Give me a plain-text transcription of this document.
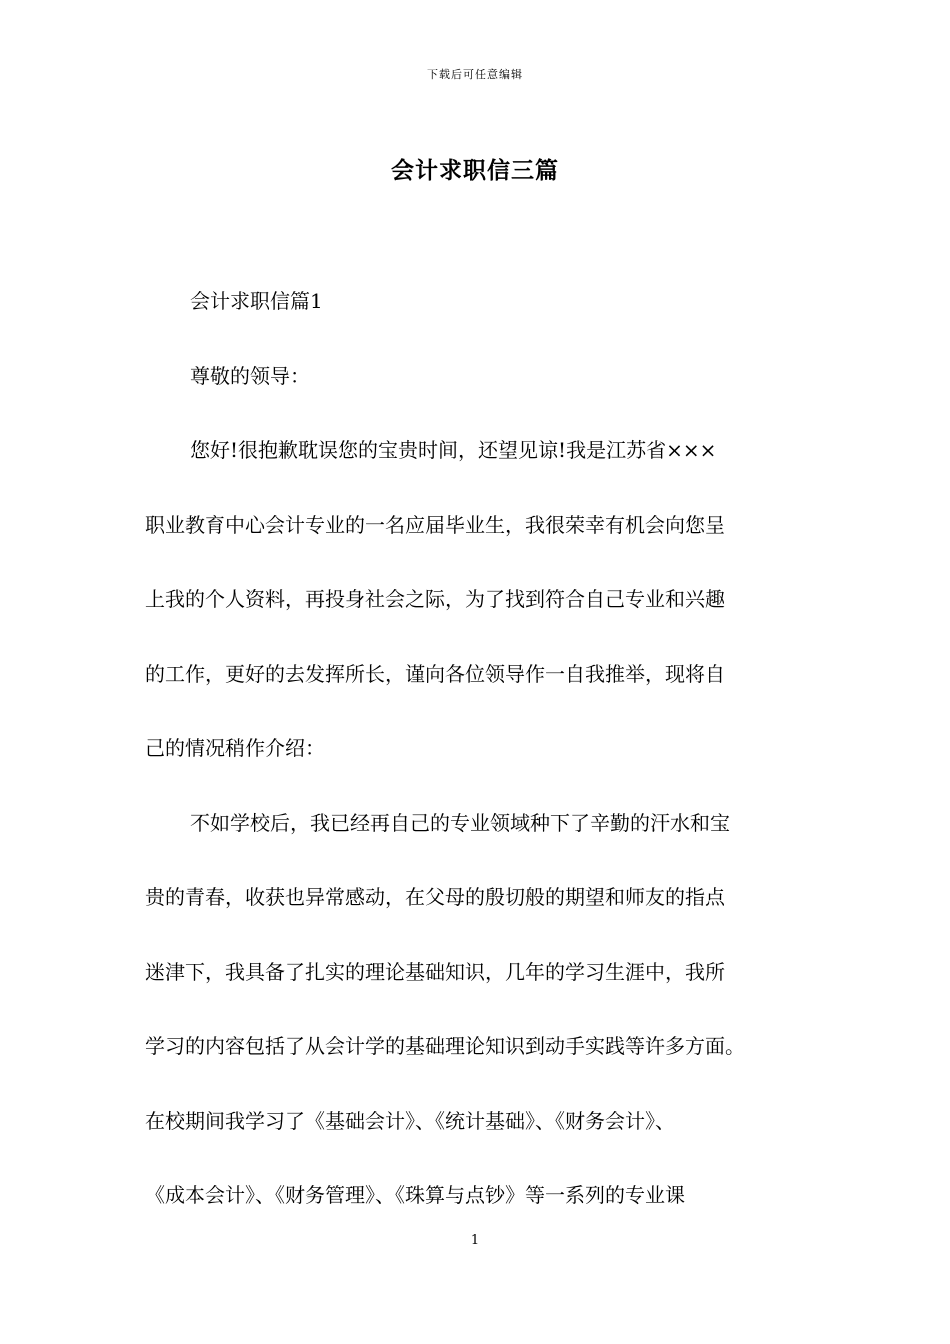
下载后可任意编辑
会计求职信三篇
会计求职信篇1
尊敬的领导：
您好!很抱歉耽误您的宝贵时间，还望见谅!我是江苏省×××
职业教育中心会计专业的一名应届毕业生，我很荣幸有机会向您呈
上我的个人资料，再投身社会之际，为了找到符合自己专业和兴趣
的工作，更好的去发挥所长，谨向各位领导作一自我推举，现将自
己的情况稍作介绍：
不如学校后，我已经再自己的专业领域种下了辛勤的汗水和宝
贵的青春，收获也异常感动，在父母的殷切般的期望和师友的指点
迷津下，我具备了扎实的理论基础知识，几年的学习生涯中，我所
学习的内容包括了从会计学的基础理论知识到动手实践等许多方面。
在校期间我学习了《基础会计》、《统计基础》、《财务会计》、
《成本会计》、《财务管理》、《珠算与点钞》等一系列的专业课
1
